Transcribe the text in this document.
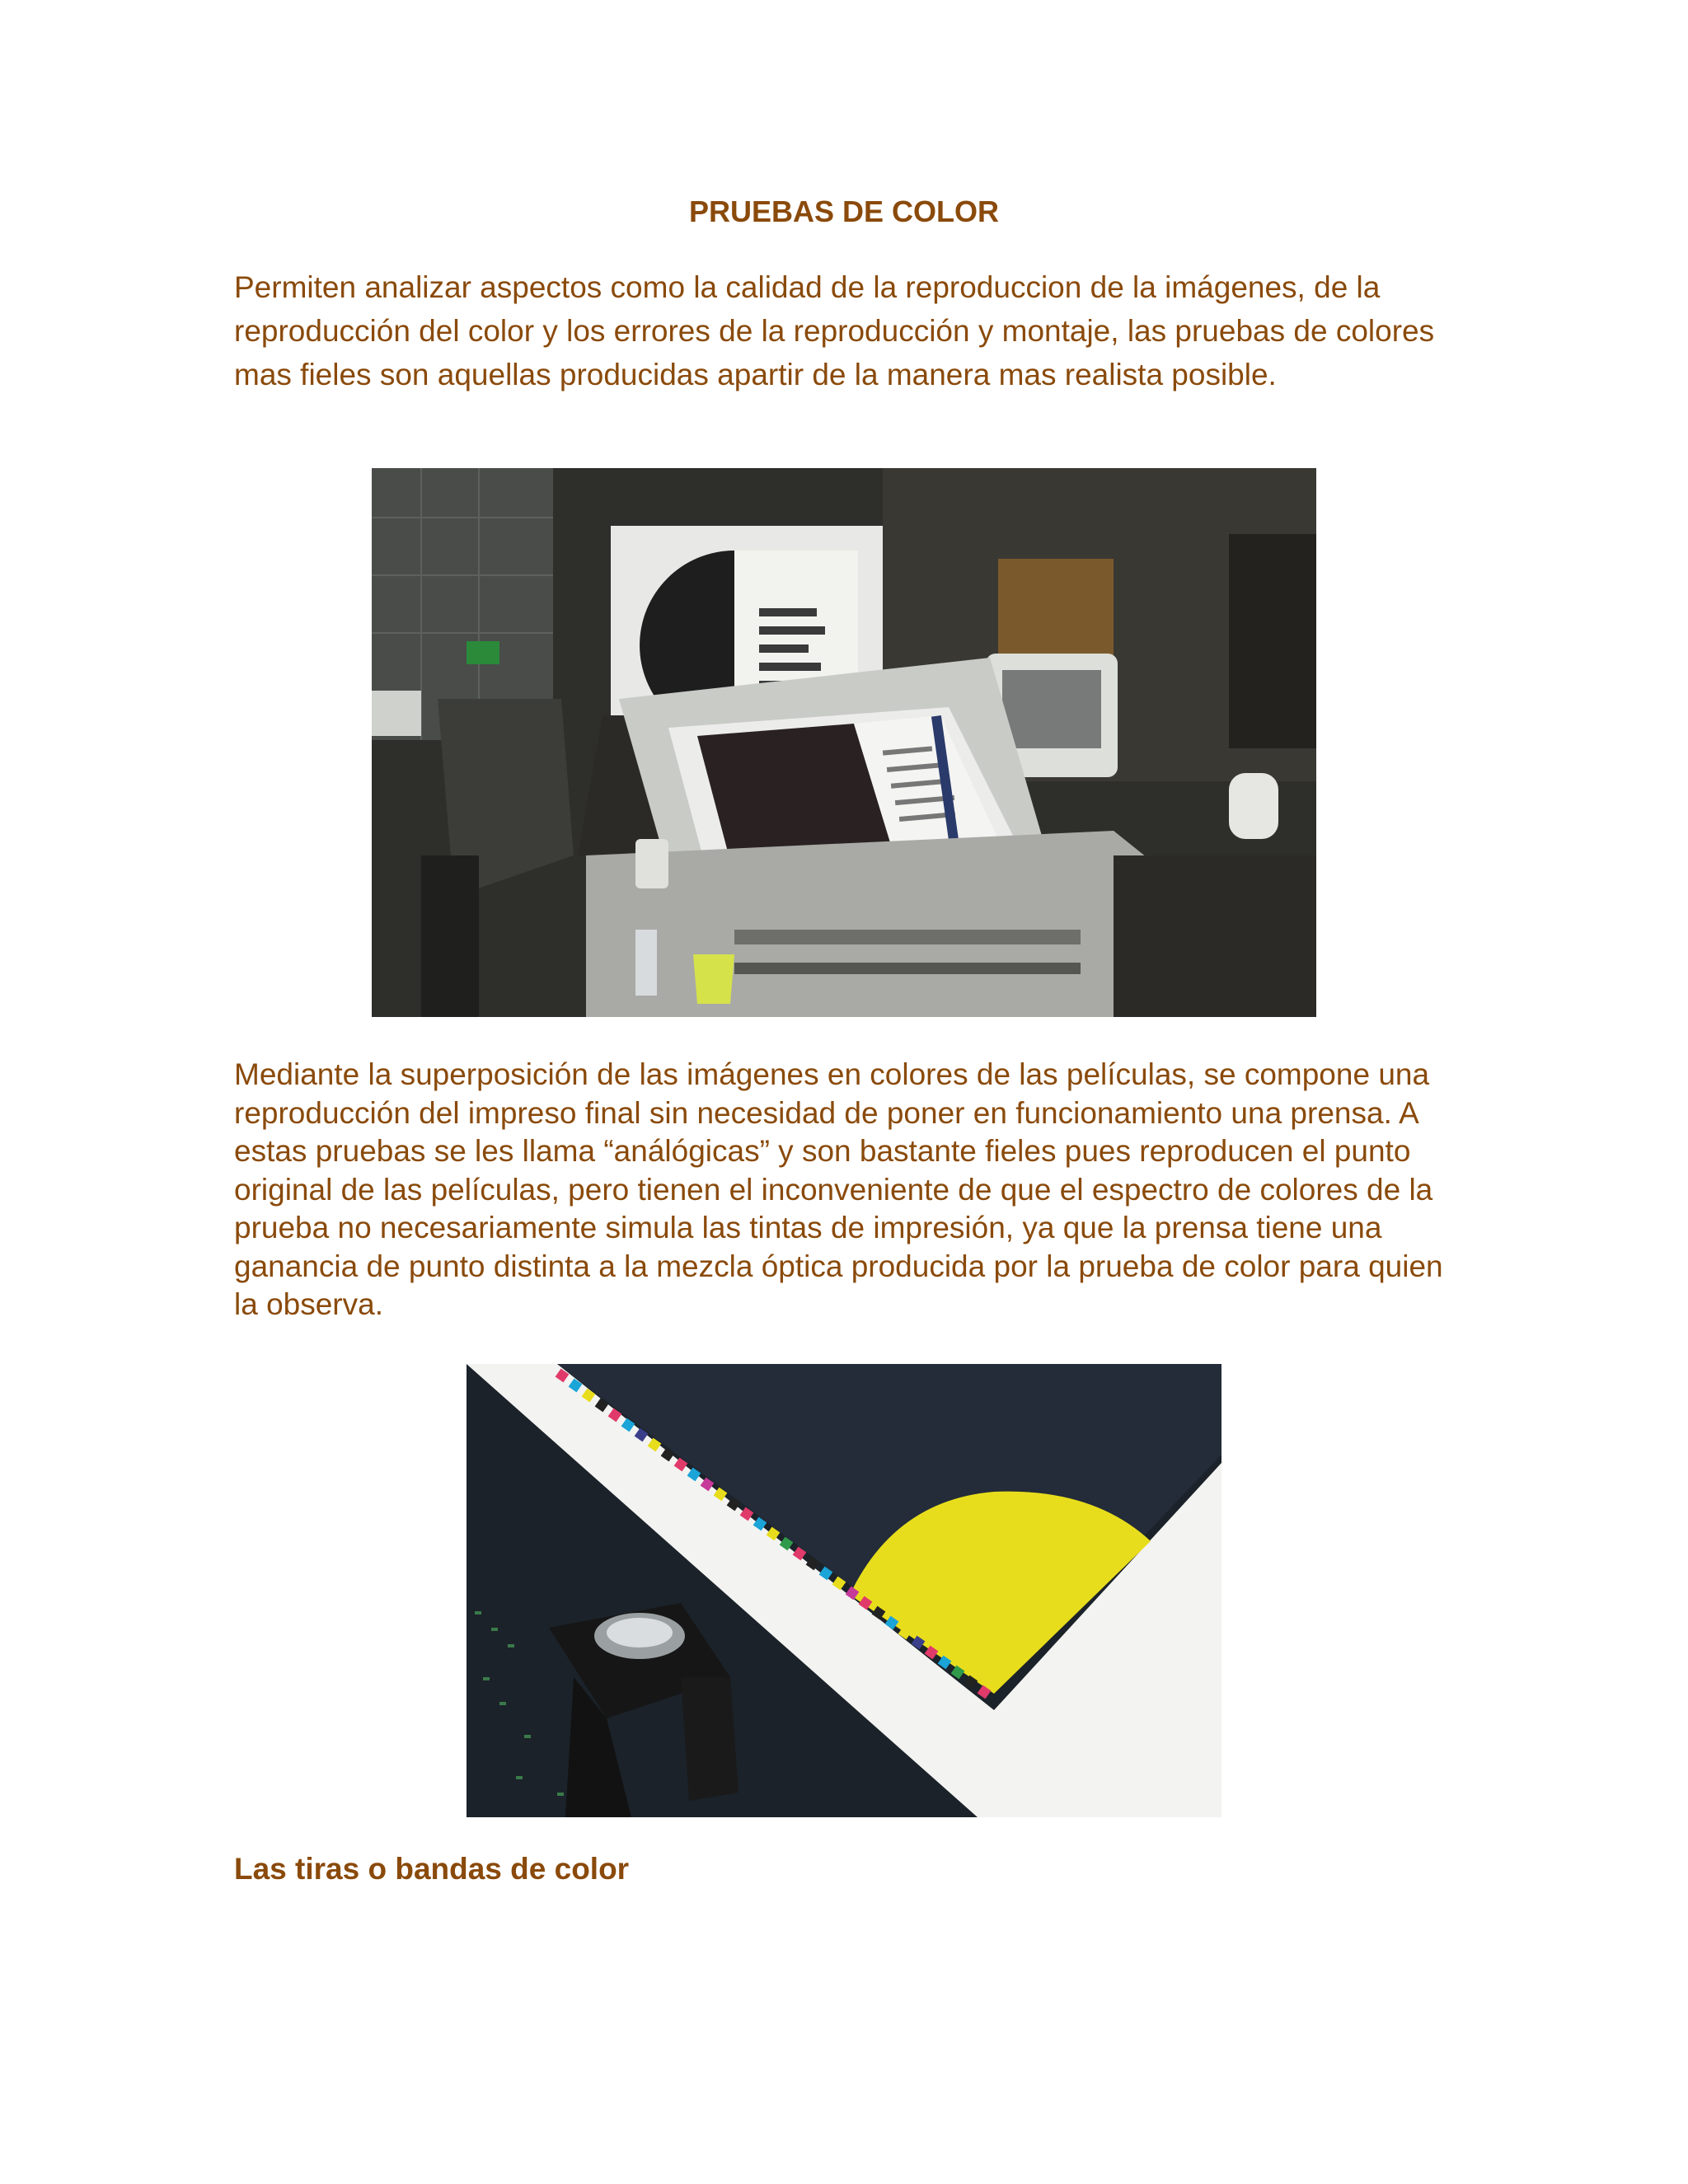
PRUEBAS DE COLOR

Permiten analizar aspectos como la calidad de la reproduccion de la imágenes, de la reproducción del color y los errores de la reproducción y montaje, las pruebas de colores mas fieles son aquellas producidas apartir de la manera mas realista posible.

Mediante la superposición de las imágenes en colores de las películas, se compone una reproducción del impreso final sin necesidad de poner en funcionamiento una prensa. A estas pruebas se les llama “análógicas” y son bastante fieles pues reproducen el punto original de las películas, pero tienen el inconveniente de que el espectro de colores de la prueba no necesariamente simula las tintas de impresión, ya que la prensa tiene una ganancia de punto distinta a la mezcla óptica producida por la prueba de color para quien la observa.

Las tiras o bandas de color
